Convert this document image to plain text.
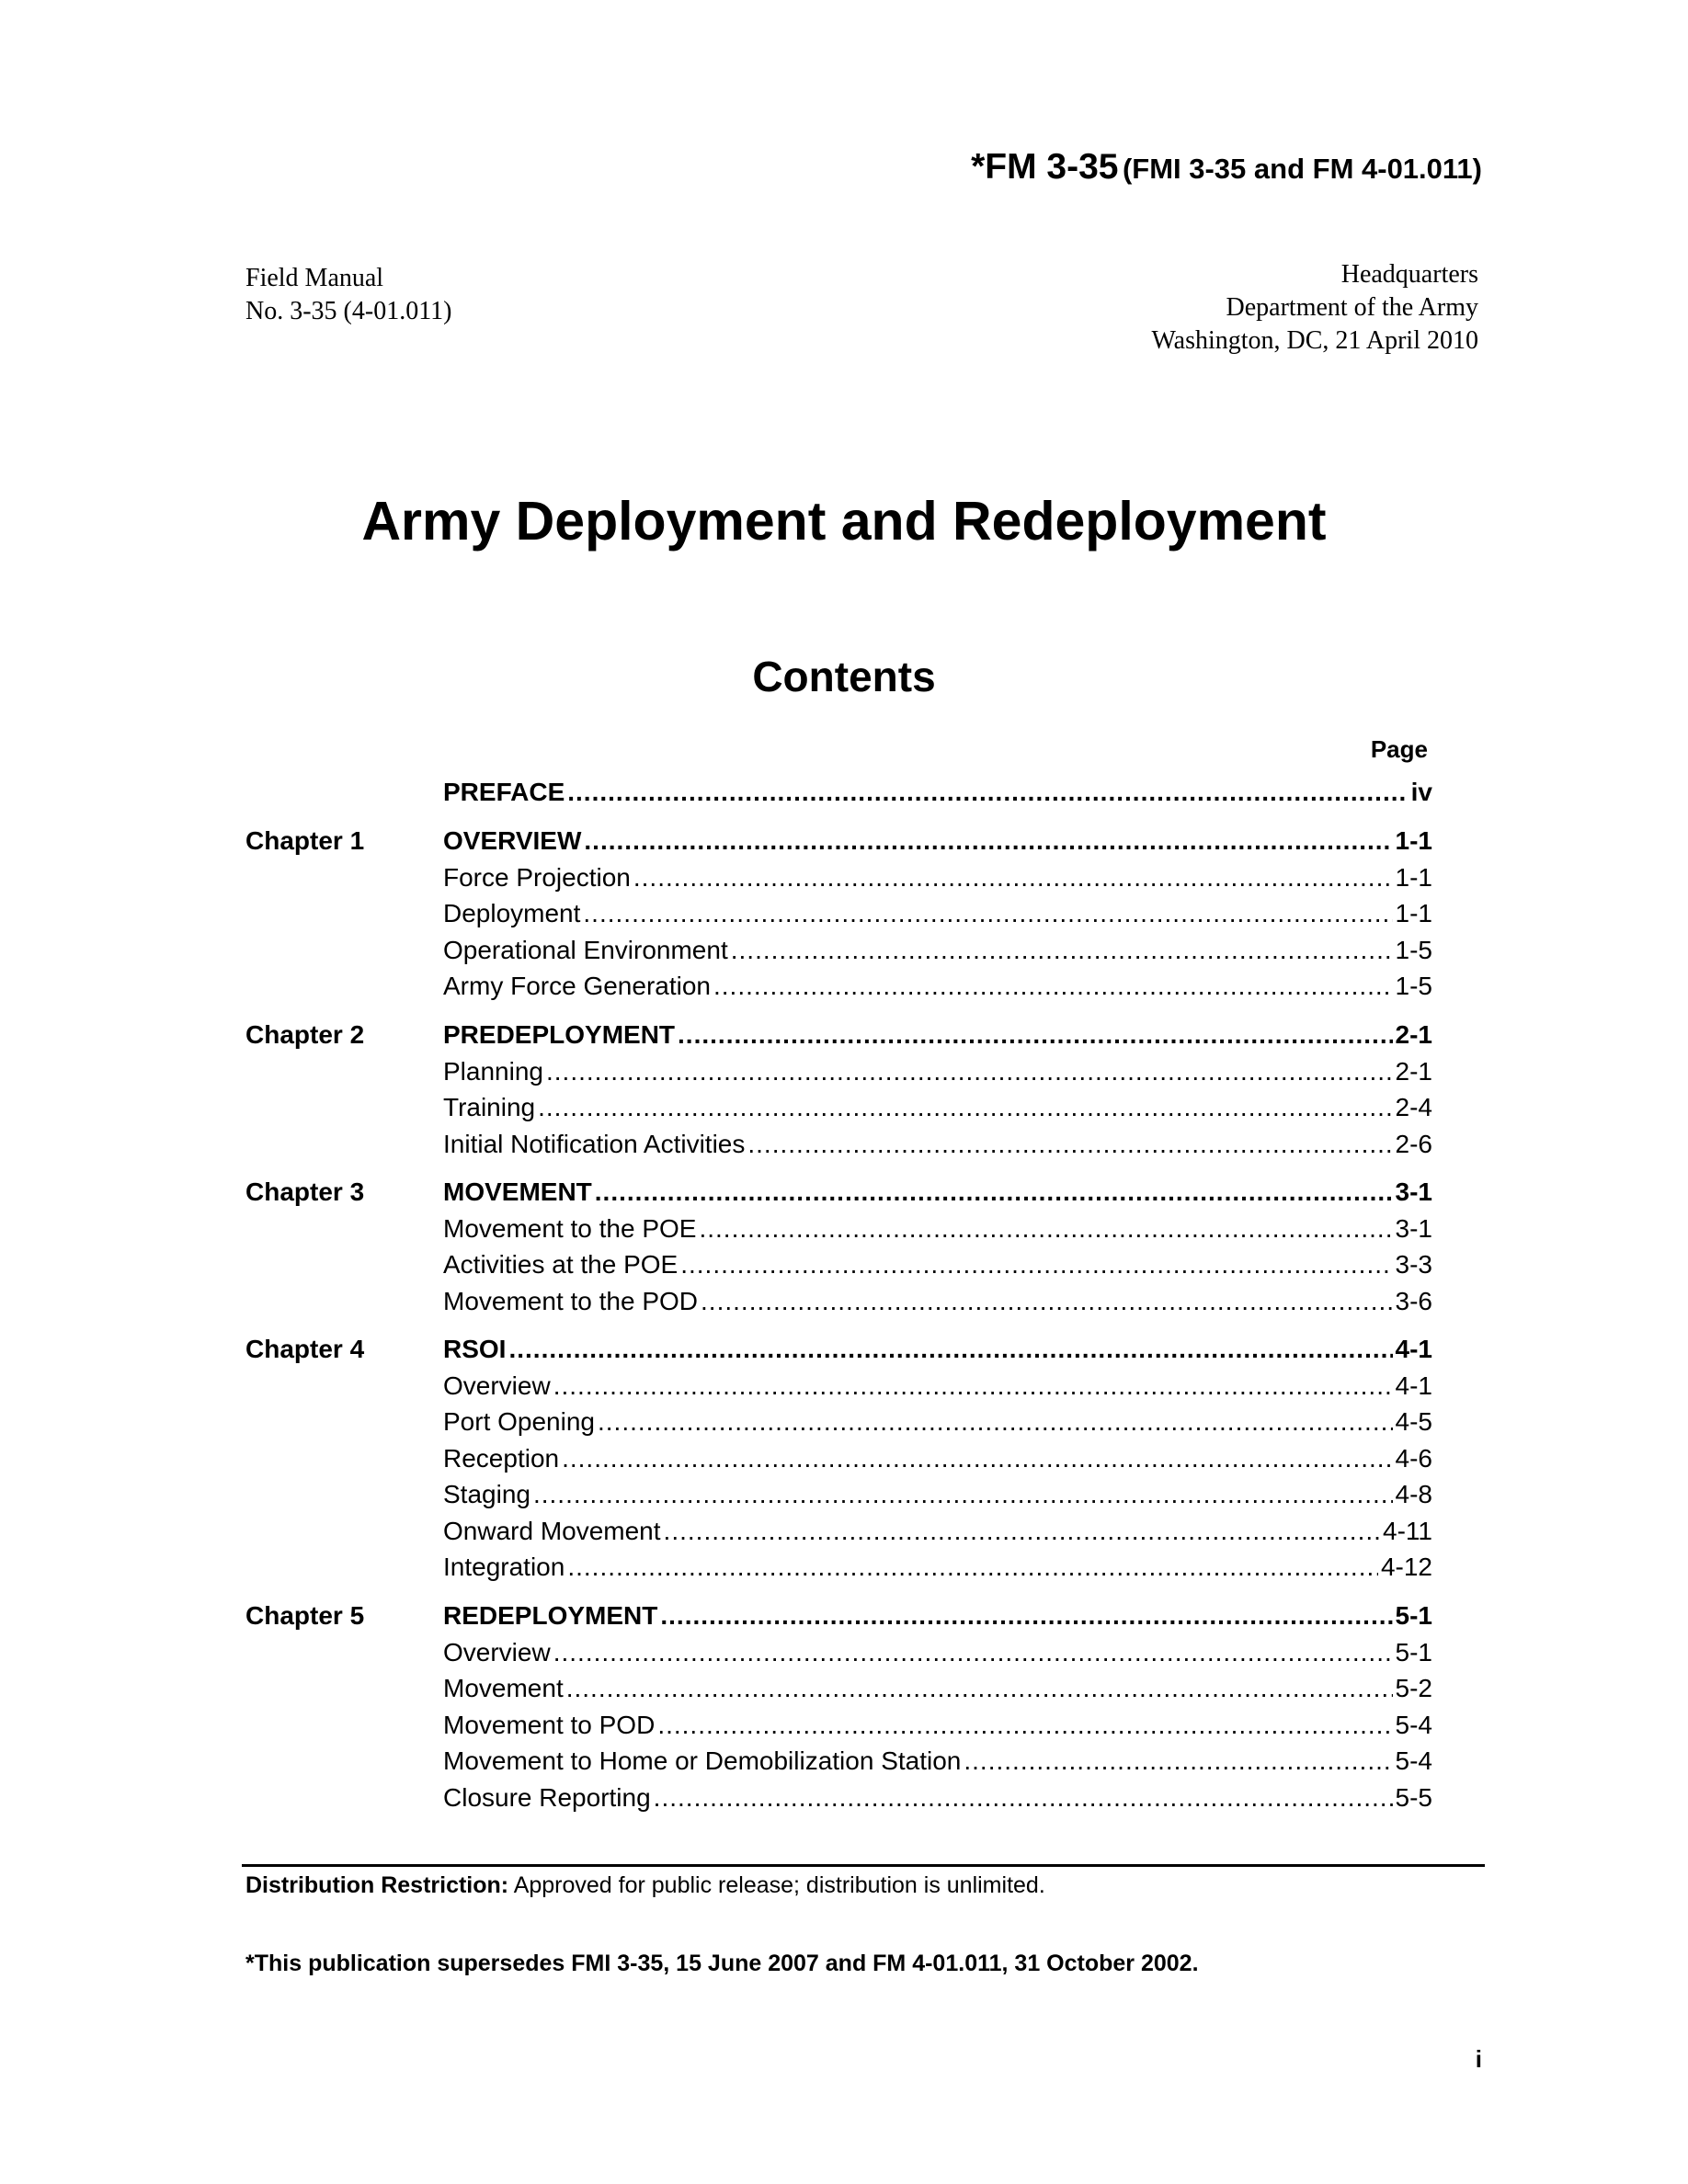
*FM 3-35 (FMI 3-35 and FM 4-01.011)
Field Manual
No. 3-35 (4-01.011)
Headquarters
Department of the Army
Washington, DC, 21 April 2010
Army Deployment and Redeployment
Contents
Page
PREFACE .....	iv
Chapter 1	OVERVIEW .....	1-1
Force Projection .....	1-1
Deployment .....	1-1
Operational Environment .....	1-5
Army Force Generation .....	1-5
Chapter 2	PREDEPLOYMENT .....	2-1
Planning .....	2-1
Training .....	2-4
Initial Notification Activities .....	2-6
Chapter 3	MOVEMENT .....	3-1
Movement to the POE .....	3-1
Activities at the POE .....	3-3
Movement to the POD .....	3-6
Chapter 4	RSOI .....	4-1
Overview .....	4-1
Port Opening .....	4-5
Reception .....	4-6
Staging .....	4-8
Onward Movement .....	4-11
Integration .....	4-12
Chapter 5	REDEPLOYMENT .....	5-1
Overview .....	5-1
Movement .....	5-2
Movement to POD .....	5-4
Movement to Home or Demobilization Station .....	5-4
Closure Reporting .....	5-5
Distribution Restriction: Approved for public release; distribution is unlimited.
*This publication supersedes FMI 3-35, 15 June 2007 and FM 4-01.011, 31 October 2002.
i
